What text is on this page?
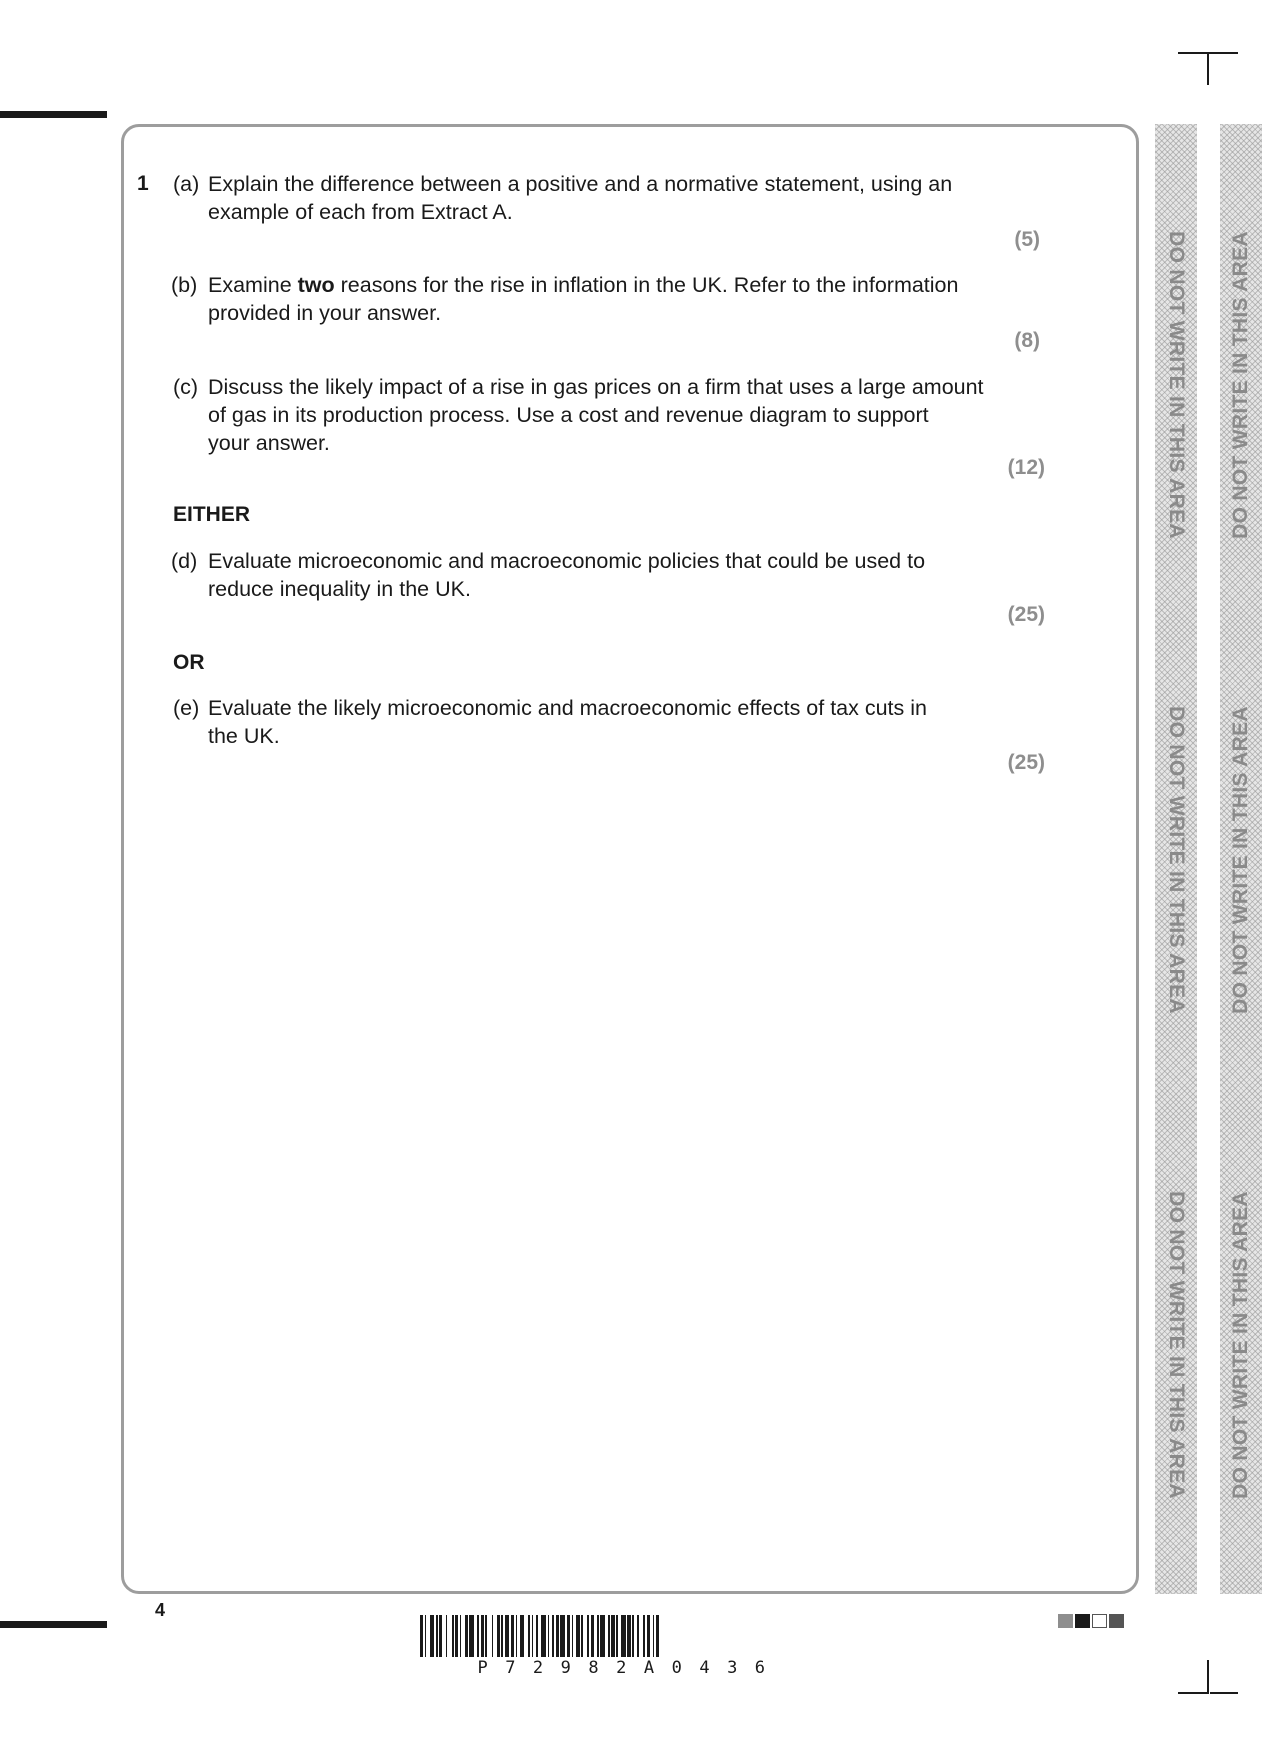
1 (a) Explain the difference between a positive and a normative statement, using an
example of each from Extract A.
(5)
(b) Examine two reasons for the rise in inflation in the UK. Refer to the information
provided in your answer.
(8)
(c) Discuss the likely impact of a rise in gas prices on a firm that uses a large amount
of gas in its production process. Use a cost and revenue diagram to support
your answer.
(12)
EITHER
(d) Evaluate microeconomic and macroeconomic policies that could be used to
reduce inequality in the UK.
(25)
OR
(e) Evaluate the likely microeconomic and macroeconomic effects of tax cuts in
the UK.
(25)
DO NOT WRITE IN THIS AREA
DO NOT WRITE IN THIS AREA
DO NOT WRITE IN THIS AREA
DO NOT WRITE IN THIS AREA
DO NOT WRITE IN THIS AREA
DO NOT WRITE IN THIS AREA
4
P72982A0436
